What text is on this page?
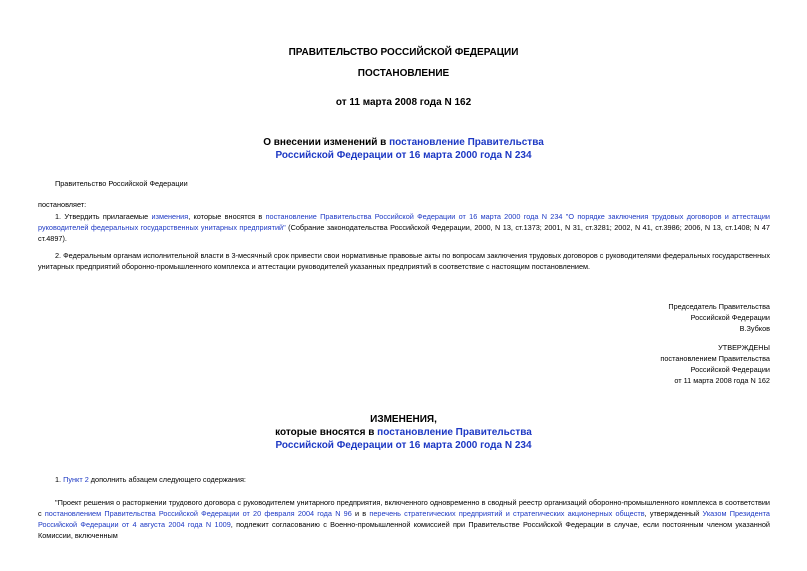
ПРАВИТЕЛЬСТВО РОССИЙСКОЙ ФЕДЕРАЦИИ
ПОСТАНОВЛЕНИЕ
от 11 марта 2008 года N 162
О внесении изменений в постановление Правительства
Российской Федерации от 16 марта 2000 года N 234
Правительство Российской Федерации
постановляет:
1. Утвердить прилагаемые изменения, которые вносятся в постановление Правительства Российской Федерации от 16 марта 2000 года N 234 "О порядке заключения трудовых договоров и аттестации руководителей федеральных государственных унитарных предприятий" (Собрание законодательства Российской Федерации, 2000, N 13, ст.1373; 2001, N 31, ст.3281; 2002, N 41, ст.3986; 2006, N 13, ст.1408; N 47 ст.4897).
2. Федеральным органам исполнительной власти в 3-месячный срок привести свои нормативные правовые акты по вопросам заключения трудовых договоров с руководителями федеральных государственных унитарных предприятий оборонно-промышленного комплекса и аттестации руководителей указанных предприятий в соответствие с настоящим постановлением.
Председатель Правительства
Российской Федерации
В.Зубков
УТВЕРЖДЕНЫ
постановлением Правительства
Российской Федерации
от 11 марта 2008 года N 162
ИЗМЕНЕНИЯ,
которые вносятся в постановление Правительства
Российской Федерации от 16 марта 2000 года N 234
1. Пункт 2 дополнить абзацем следующего содержания:
"Проект решения о расторжении трудового договора с руководителем унитарного предприятия, включенного одновременно в сводный реестр организаций оборонно-промышленного комплекса в соответствии с постановлением Правительства Российской Федерации от 20 февраля 2004 года N 96 и в перечень стратегических предприятий и стратегических акционерных обществ, утвержденный Указом Президента Российской Федерации от 4 августа 2004 года N 1009, подлежит согласованию с Военно-промышленной комиссией при Правительстве Российской Федерации в случае, если постоянным членом указанной Комиссии, включенным
